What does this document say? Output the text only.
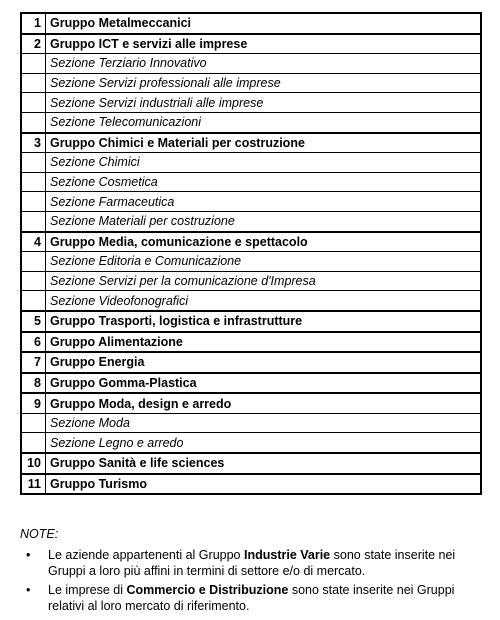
1	Gruppo Metalmeccanici
2	Gruppo ICT e servizi alle imprese
	Sezione Terziario Innovativo
	Sezione Servizi professionali alle imprese
	Sezione Servizi industriali alle imprese
	Sezione Telecomunicazioni
3	Gruppo Chimici e Materiali per costruzione
	Sezione Chimici
	Sezione Cosmetica
	Sezione Farmaceutica
	Sezione Materiali per costruzione
4	Gruppo Media, comunicazione e spettacolo
	Sezione Editoria e Comunicazione
	Sezione Servizi per la comunicazione d'Impresa
	Sezione Videofonografici
5	Gruppo Trasporti, logistica e infrastrutture
6	Gruppo Alimentazione
7	Gruppo Energia
8	Gruppo Gomma-Plastica
9	Gruppo Moda, design e arredo
	Sezione Moda
	Sezione Legno e arredo
10	Gruppo Sanità e life sciences
11	Gruppo Turismo
NOTE:
• Le aziende appartenenti al Gruppo Industrie Varie sono state inserite nei Gruppi a loro più affini in termini di settore e/o di mercato.
• Le imprese di Commercio e Distribuzione sono state inserite nei Gruppi relativi al loro mercato di riferimento.
